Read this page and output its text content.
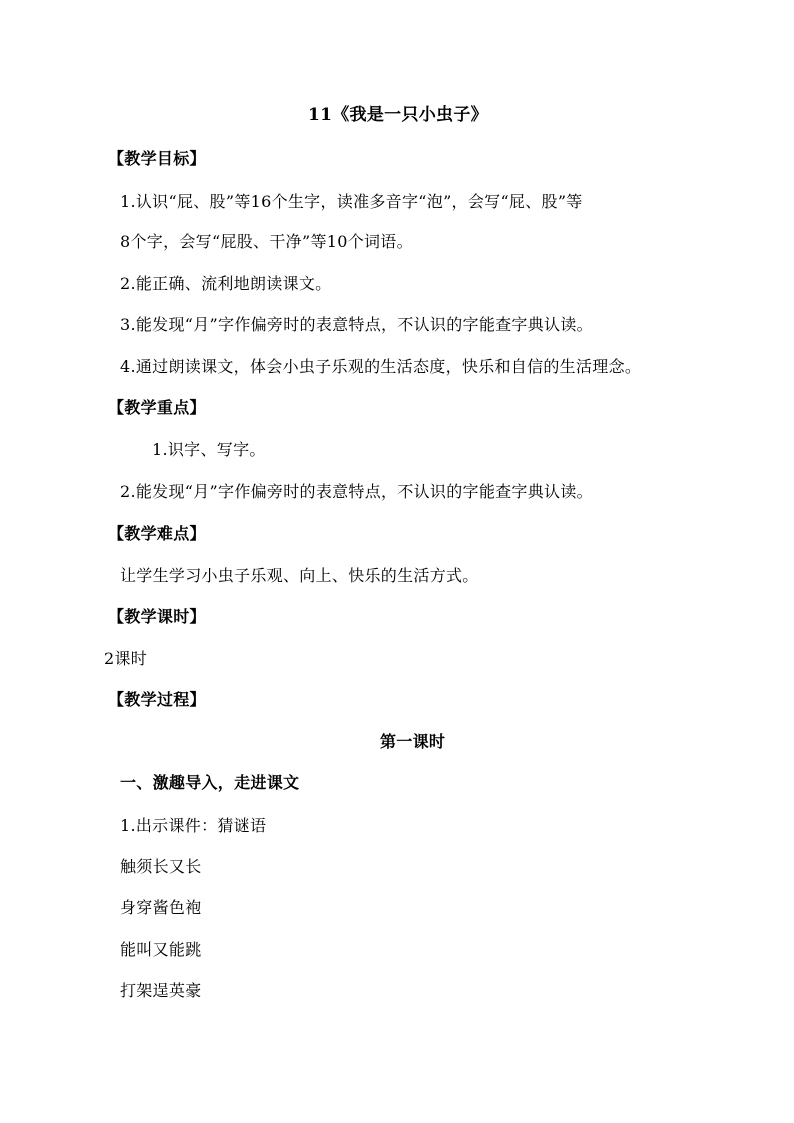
11《我是一只小虫子》
【教学目标】
1.认识“屁、股”等16个生字，读准多音字“泡”，会写“屁、股”等
8个字，会写“屁股、干净”等10个词语。
2.能正确、流利地朗读课文。
3.能发现“月”字作偏旁时的表意特点，不认识的字能查字典认读。
4.通过朗读课文，体会小虫子乐观的生活态度，快乐和自信的生活理念。
【教学重点】
1.识字、写字。
2.能发现“月”字作偏旁时的表意特点，不认识的字能查字典认读。
【教学难点】
让学生学习小虫子乐观、向上、快乐的生活方式。
【教学课时】
2课时
【教学过程】
第一课时
一、激趣导入，走进课文
1.出示课件：猜谜语
触须长又长
身穿酱色袍
能叫又能跳
打架逞英豪
